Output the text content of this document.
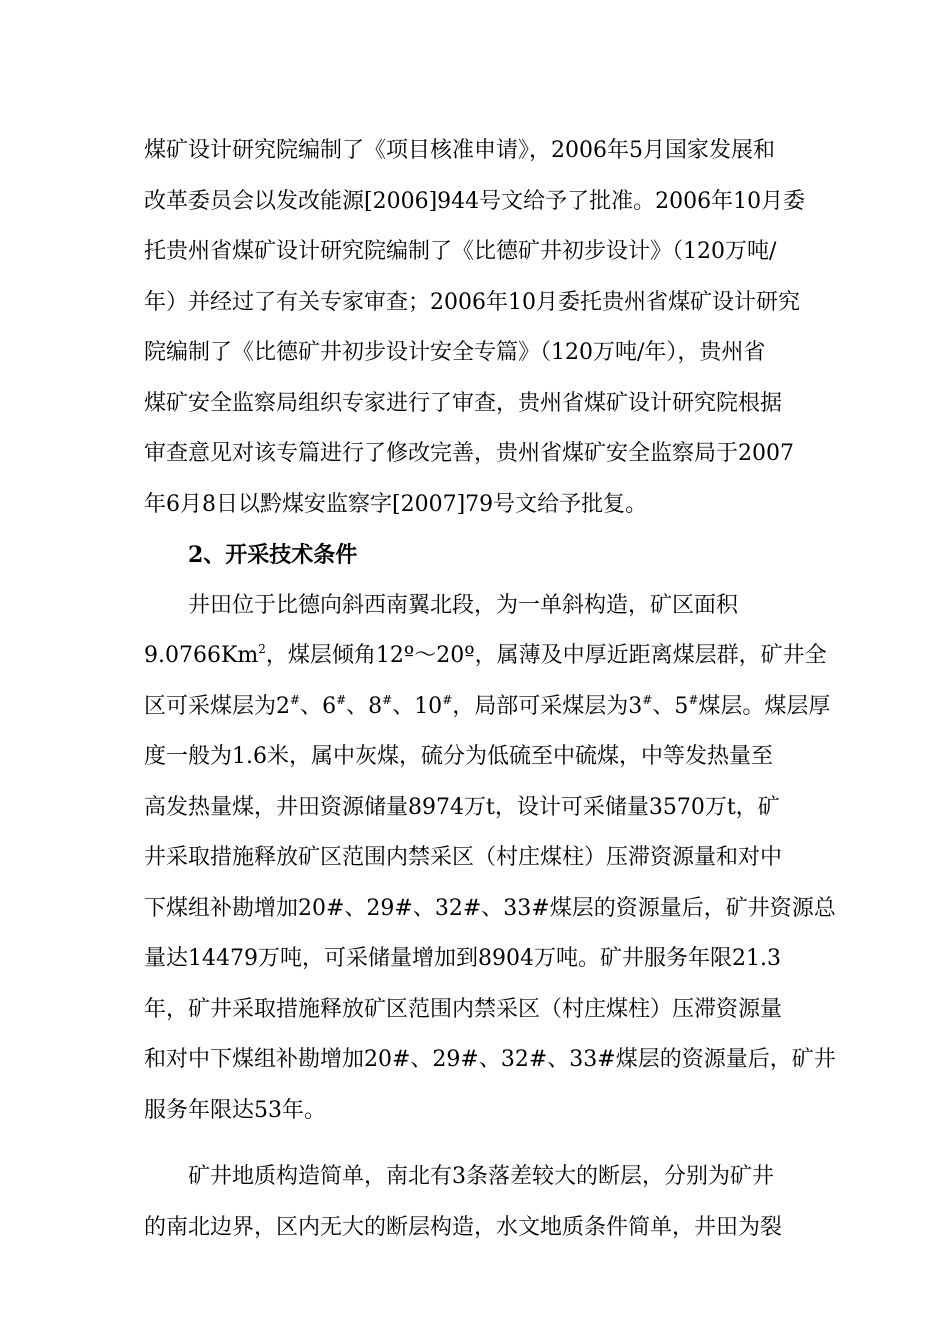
煤矿设计研究院编制了《项目核准申请》，2006年5月国家发展和
改革委员会以发改能源[2006]944号文给予了批准。2006年10月委
托贵州省煤矿设计研究院编制了《比德矿井初步设计》（120万吨/
年）并经过了有关专家审查；2006年10月委托贵州省煤矿设计研究
院编制了《比德矿井初步设计安全专篇》（120万吨/年），贵州省
煤矿安全监察局组织专家进行了审查，贵州省煤矿设计研究院根据
审查意见对该专篇进行了修改完善，贵州省煤矿安全监察局于2007
年6月8日以黔煤安监察字[2007]79号文给予批复。
2、开采技术条件
井田位于比德向斜西南翼北段，为一单斜构造，矿区面积
9.0766Km$^2$，煤层倾角12º～20º，属薄及中厚近距离煤层群，矿井全
区可采煤层为2#、6#、8#、10#，局部可采煤层为3#、5#煤层。煤层厚
度一般为1.6米，属中灰煤，硫分为低硫至中硫煤，中等发热量至
高发热量煤，井田资源储量8974万t，设计可采储量3570万t，矿
井采取措施释放矿区范围内禁采区（村庄煤柱）压滞资源量和对中
下煤组补勘增加20#、29#、32#、33#煤层的资源量后，矿井资源总
量达14479万吨，可采储量增加到8904万吨。矿井服务年限21.3
年，矿井采取措施释放矿区范围内禁采区（村庄煤柱）压滞资源量
和对中下煤组补勘增加20#、29#、32#、33#煤层的资源量后，矿井
服务年限达53年。
矿井地质构造简单，南北有3条落差较大的断层，分别为矿井
的南北边界，区内无大的断层构造，水文地质条件简单，井田为裂
